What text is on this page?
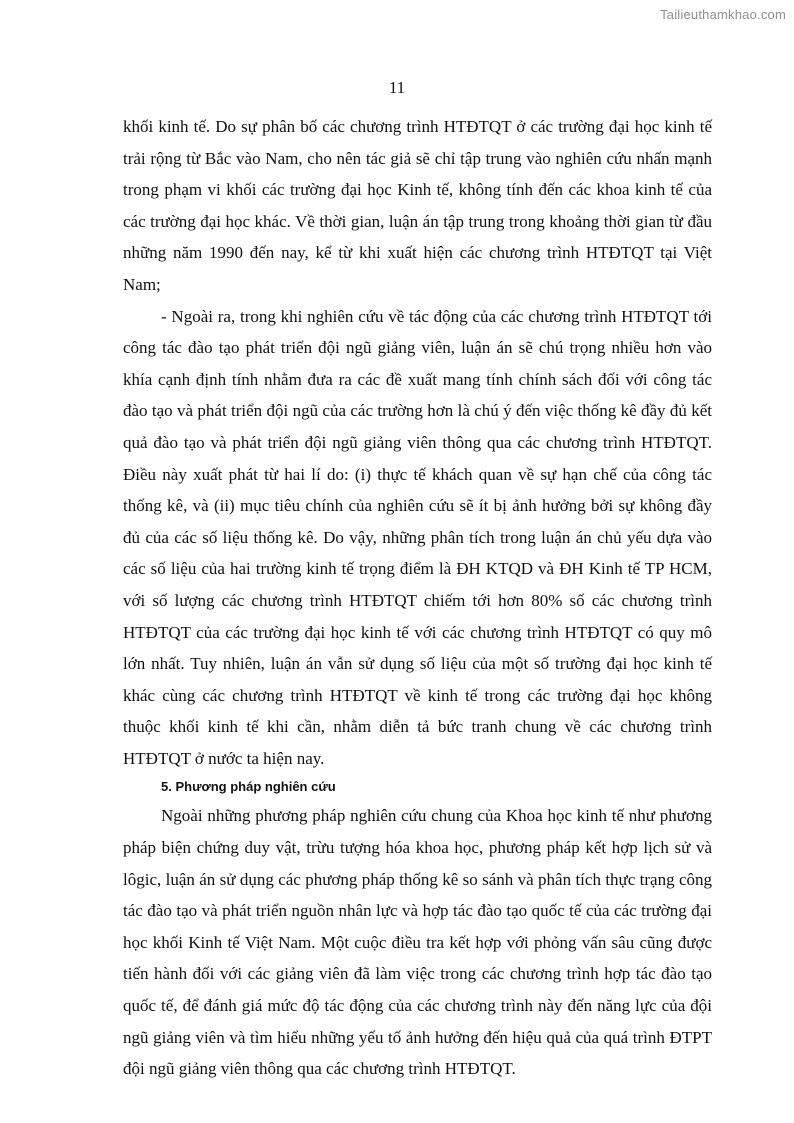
Tailieuthamkhao.com
11

khối kinh tế. Do sự phân bố các chương trình HTĐTQT ở các trường đại học kinh tế trải rộng từ Bắc vào Nam, cho nên tác giả sẽ chỉ tập trung vào nghiên cứu nhấn mạnh trong phạm vi khối các trường đại học Kinh tế, không tính đến các khoa kinh tế của các trường đại học khác. Về thời gian, luận án tập trung trong khoảng thời gian từ đầu những năm 1990 đến nay, kể từ khi xuất hiện các chương trình HTĐTQT tại Việt Nam;

- Ngoài ra, trong khi nghiên cứu về tác động của các chương trình HTĐTQT tới công tác đào tạo phát triển đội ngũ giảng viên, luận án sẽ chú trọng nhiều hơn vào khía cạnh định tính nhằm đưa ra các đề xuất mang tính chính sách đối với công tác đào tạo và phát triển đội ngũ của các trường hơn là chú ý đến việc thống kê đầy đủ kết quả đào tạo và phát triển đội ngũ giảng viên thông qua các chương trình HTĐTQT. Điều này xuất phát từ hai lí do: (i) thực tế khách quan về sự hạn chế của công tác thống kê, và (ii) mục tiêu chính của nghiên cứu sẽ ít bị ảnh hưởng bởi sự không đầy đủ của các số liệu thống kê. Do vậy, những phân tích trong luận án chủ yếu dựa vào các số liệu của hai trường kinh tế trọng điểm là ĐH KTQD và ĐH Kinh tế TP HCM, với số lượng các chương trình HTĐTQT chiếm tới hơn 80% số các chương trình HTĐTQT của các trường đại học kinh tế với các chương trình HTĐTQT có quy mô lớn nhất. Tuy nhiên, luận án vẫn sử dụng số liệu của một số trường đại học kinh tế khác cùng các chương trình HTĐTQT về kinh tế trong các trường đại học không thuộc khối kinh tế khi cần, nhằm diễn tả bức tranh chung về các chương trình HTĐTQT ở nước ta hiện nay.

5. Phương pháp nghiên cứu

Ngoài những phương pháp nghiên cứu chung của Khoa học kinh tế như phương pháp biện chứng duy vật, trừu tượng hóa khoa học, phương pháp kết hợp lịch sử và lôgic, luận án sử dụng các phương pháp thống kê so sánh và phân tích thực trạng công tác đào tạo và phát triển nguồn nhân lực và hợp tác đào tạo quốc tế của các trường đại học khối Kinh tế Việt Nam. Một cuộc điều tra kết hợp với phỏng vấn sâu cũng được tiến hành đối với các giảng viên đã làm việc trong các chương trình hợp tác đào tạo quốc tế, để đánh giá mức độ tác động của các chương trình này đến năng lực của đội ngũ giảng viên và tìm hiểu những yếu tố ảnh hưởng đến hiệu quả của quá trình ĐTPT đội ngũ giảng viên thông qua các chương trình HTĐTQT.
